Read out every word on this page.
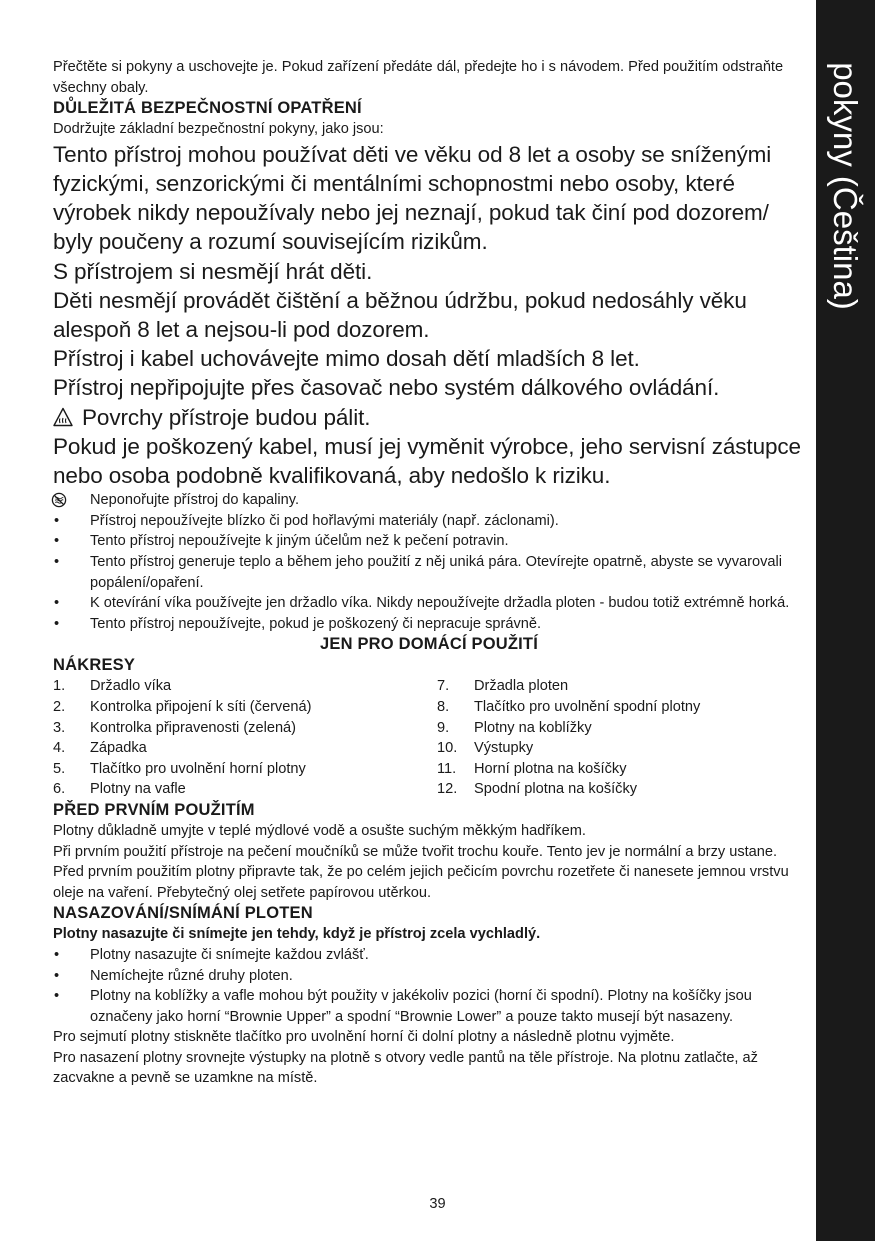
pokyny (Čeština)

Přečtěte si pokyny a uschovejte je. Pokud zařízení předáte dál, předejte ho i s návodem. Před použitím odstraňte všechny obaly.

DŮLEŽITÁ BEZPEČNOSTNÍ OPATŘENÍ

Dodržujte základní bezpečnostní pokyny, jako jsou:

Tento přístroj mohou používat děti ve věku od 8 let a osoby se sníženými fyzickými, senzorickými či mentálními schopnostmi nebo osoby, které výrobek nikdy nepoužívaly nebo jej neznají, pokud tak činí pod dozorem/ byly poučeny a rozumí souvisejícím rizikům.

S přístrojem si nesmějí hrát děti.

Děti nesmějí provádět čištění a běžnou údržbu, pokud nedosáhly věku alespoň 8 let a nejsou-li pod dozorem.

Přístroj i kabel uchovávejte mimo dosah dětí mladších 8 let.

Přístroj nepřipojujte přes časovač nebo systém dálkového ovládání.

Povrchy přístroje budou pálit.

Pokud je poškozený kabel, musí jej vyměnit výrobce, jeho servisní zástupce nebo osoba podobně kvalifikovaná, aby nedošlo k riziku.

Neponořujte přístroj do kapaliny.
• Přístroj nepoužívejte blízko či pod hořlavými materiály (např. záclonami).
• Tento přístroj nepoužívejte k jiným účelům než k pečení potravin.
• Tento přístroj generuje teplo a během jeho použití z něj uniká pára. Otevírejte opatrně, abyste se vyvarovali popálení/opaření.
• K otevírání víka používejte jen držadlo víka. Nikdy nepoužívejte držadla ploten - budou totiž extrémně horká.
• Tento přístroj nepoužívejte, pokud je poškozený či nepracuje správně.

JEN PRO DOMÁCÍ POUŽITÍ

NÁKRESY

1.	Držadlo víka
2.	Kontrolka připojení k síti (červená)
3.	Kontrolka připravenosti (zelená)
4.	Západka
5.	Tlačítko pro uvolnění horní plotny
6.	Plotny na vafle
7.	Držadla ploten
8.	Tlačítko pro uvolnění spodní plotny
9.	Plotny na koblížky
10.	Výstupky
11.	Horní plotna na košíčky
12.	Spodní plotna na košíčky

PŘED PRVNÍM POUŽITÍM

Plotny důkladně umyjte v teplé mýdlové vodě a osušte suchým měkkým hadříkem.

Při prvním použití přístroje na pečení moučníků se může tvořit trochu kouře. Tento jev je normální a brzy ustane.

Před prvním použitím plotny připravte tak, že po celém jejich pečicím povrchu rozetřete či nanesete jemnou vrstvu oleje na vaření. Přebytečný olej setřete papírovou utěrkou.

NASAZOVÁNÍ/SNÍMÁNÍ PLOTEN

Plotny nasazujte či snímejte jen tehdy, když je přístroj zcela vychladlý.

• Plotny nasazujte či snímejte každou zvlášť.
• Nemíchejte různé druhy ploten.
• Plotny na koblížky a vafle mohou být použity v jakékoliv pozici (horní či spodní). Plotny na košíčky jsou označeny jako horní “Brownie Upper” a spodní “Brownie Lower” a pouze takto musejí být nasazeny.

Pro sejmutí plotny stiskněte tlačítko pro uvolnění horní či dolní plotny a následně plotnu vyjměte.

Pro nasazení plotny srovnejte výstupky na plotně s otvory vedle pantů na těle přístroje. Na plotnu zatlačte, až zacvakne a pevně se uzamkne na místě.

39
